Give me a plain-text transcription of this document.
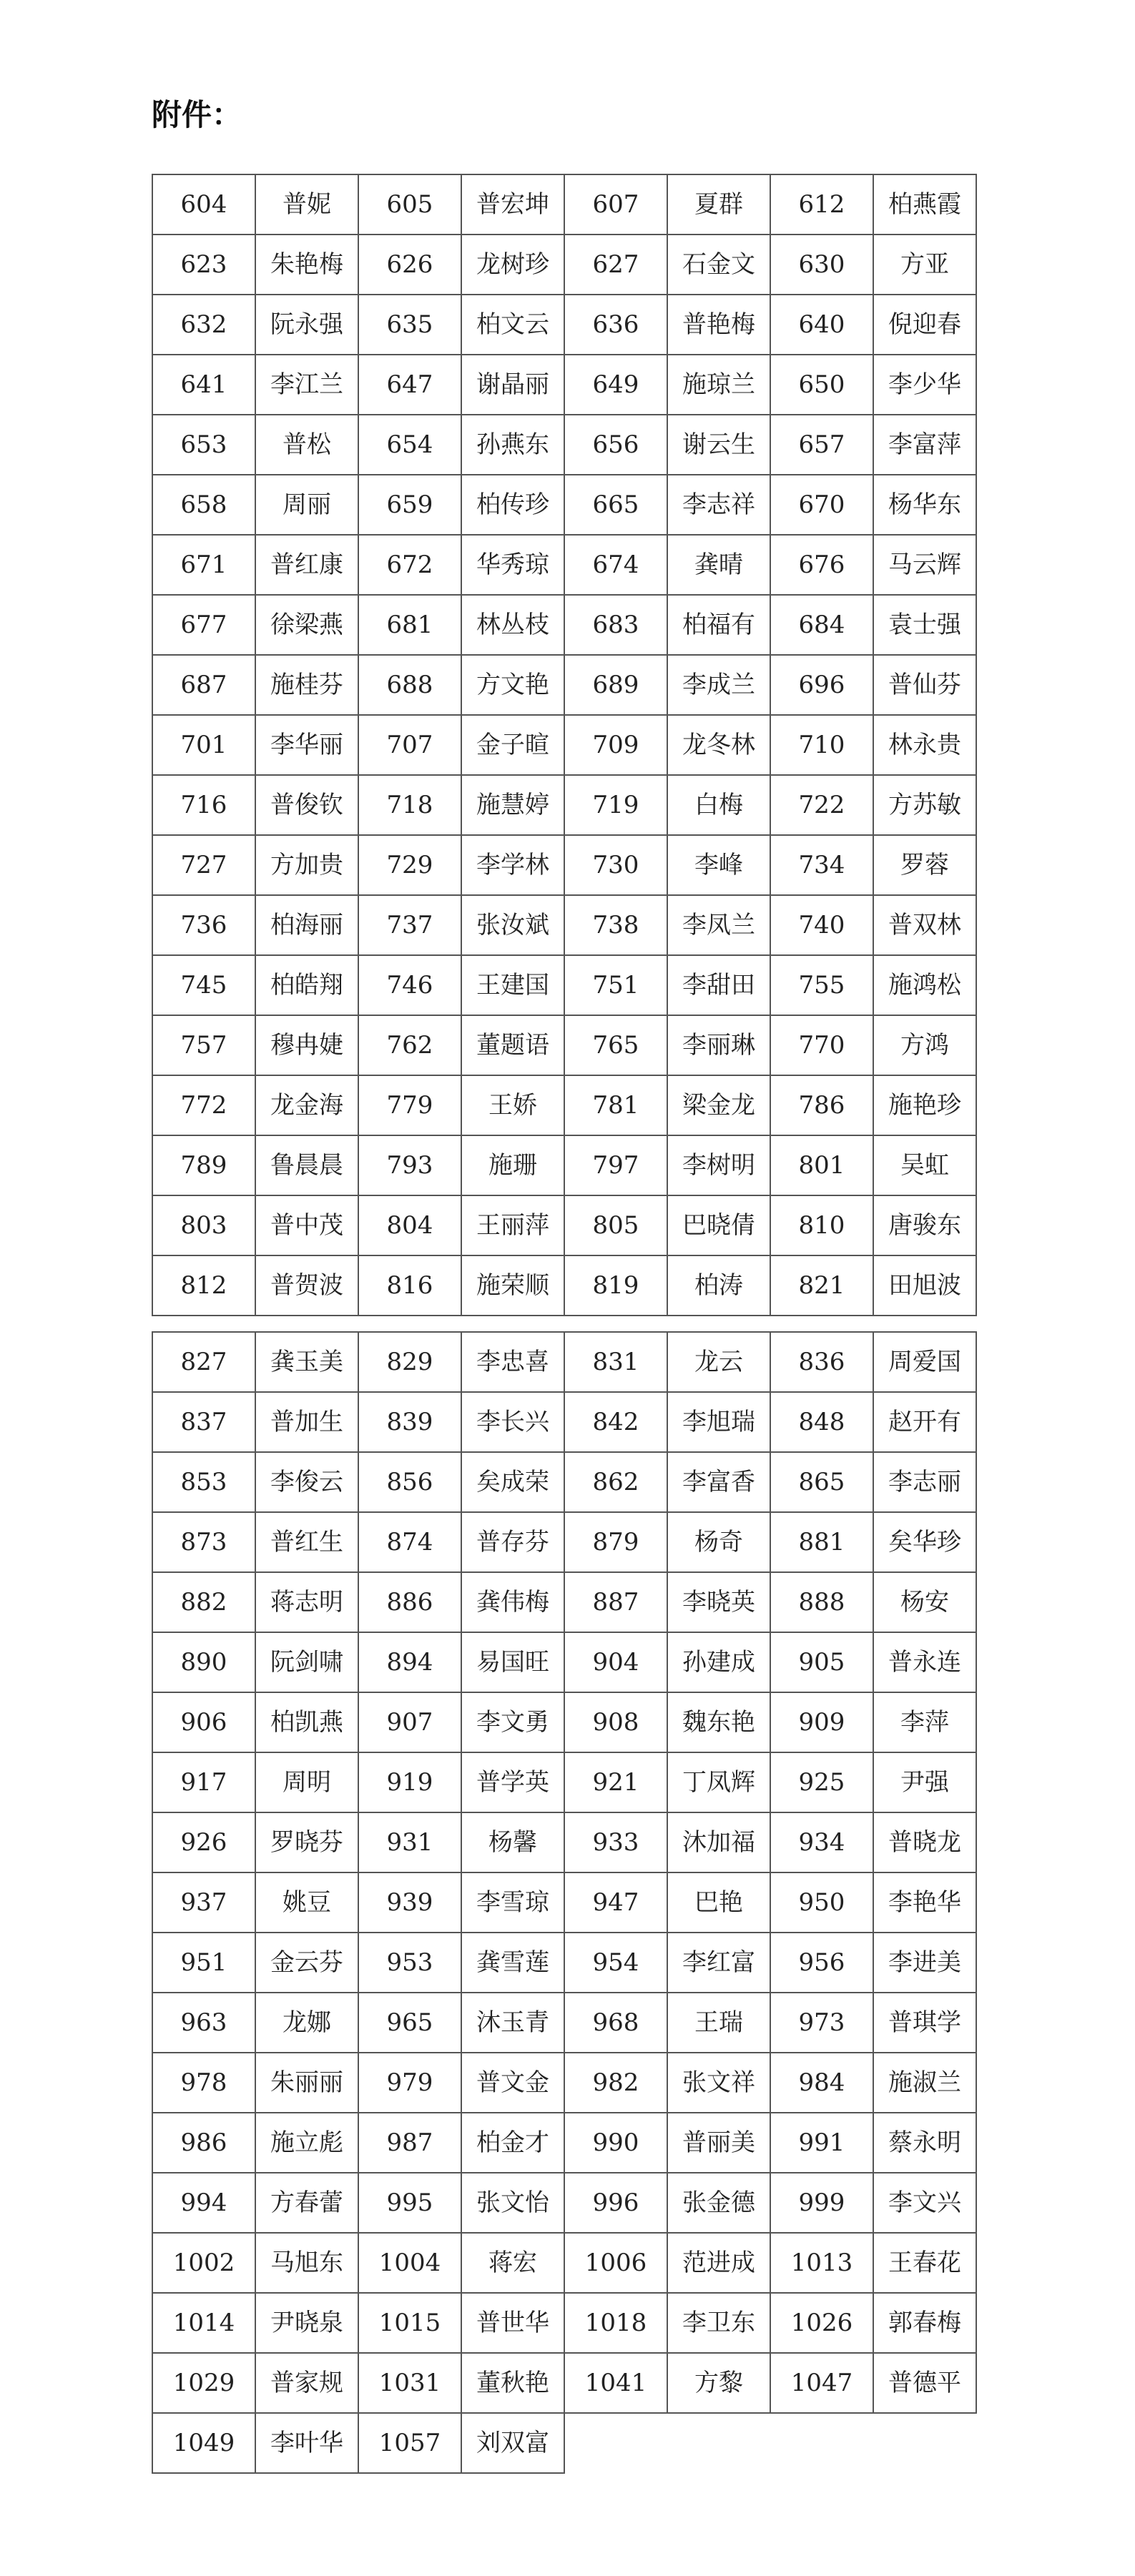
附件：
604	普妮	605	普宏坤	607	夏群	612	柏燕霞
623	朱艳梅	626	龙树珍	627	石金文	630	方亚
632	阮永强	635	柏文云	636	普艳梅	640	倪迎春
641	李江兰	647	谢晶丽	649	施琼兰	650	李少华
653	普松	654	孙燕东	656	谢云生	657	李富萍
658	周丽	659	柏传珍	665	李志祥	670	杨华东
671	普红康	672	华秀琼	674	龚晴	676	马云辉
677	徐梁燕	681	林丛枝	683	柏福有	684	袁士强
687	施桂芬	688	方文艳	689	李成兰	696	普仙芬
701	李华丽	707	金子暄	709	龙冬林	710	林永贵
716	普俊钦	718	施慧婷	719	白梅	722	方苏敏
727	方加贵	729	李学林	730	李峰	734	罗蓉
736	柏海丽	737	张汝斌	738	李凤兰	740	普双林
745	柏皓翔	746	王建国	751	李甜田	755	施鸿松
757	穆冉婕	762	董题语	765	李丽琳	770	方鸿
772	龙金海	779	王娇	781	梁金龙	786	施艳珍
789	鲁晨晨	793	施珊	797	李树明	801	吴虹
803	普中茂	804	王丽萍	805	巴晓倩	810	唐骏东
812	普贺波	816	施荣顺	819	柏涛	821	田旭波
827	龚玉美	829	李忠喜	831	龙云	836	周爱国
837	普加生	839	李长兴	842	李旭瑞	848	赵开有
853	李俊云	856	矣成荣	862	李富香	865	李志丽
873	普红生	874	普存芬	879	杨奇	881	矣华珍
882	蒋志明	886	龚伟梅	887	李晓英	888	杨安
890	阮剑啸	894	易国旺	904	孙建成	905	普永连
906	柏凯燕	907	李文勇	908	魏东艳	909	李萍
917	周明	919	普学英	921	丁凤辉	925	尹强
926	罗晓芬	931	杨馨	933	沐加福	934	普晓龙
937	姚豆	939	李雪琼	947	巴艳	950	李艳华
951	金云芬	953	龚雪莲	954	李红富	956	李进美
963	龙娜	965	沐玉青	968	王瑞	973	普琪学
978	朱丽丽	979	普文金	982	张文祥	984	施淑兰
986	施立彪	987	柏金才	990	普丽美	991	蔡永明
994	方春蕾	995	张文怡	996	张金德	999	李文兴
1002	马旭东	1004	蒋宏	1006	范进成	1013	王春花
1014	尹晓泉	1015	普世华	1018	李卫东	1026	郭春梅
1029	普家规	1031	董秋艳	1041	方黎	1047	普德平
1049	李叶华	1057	刘双富				
